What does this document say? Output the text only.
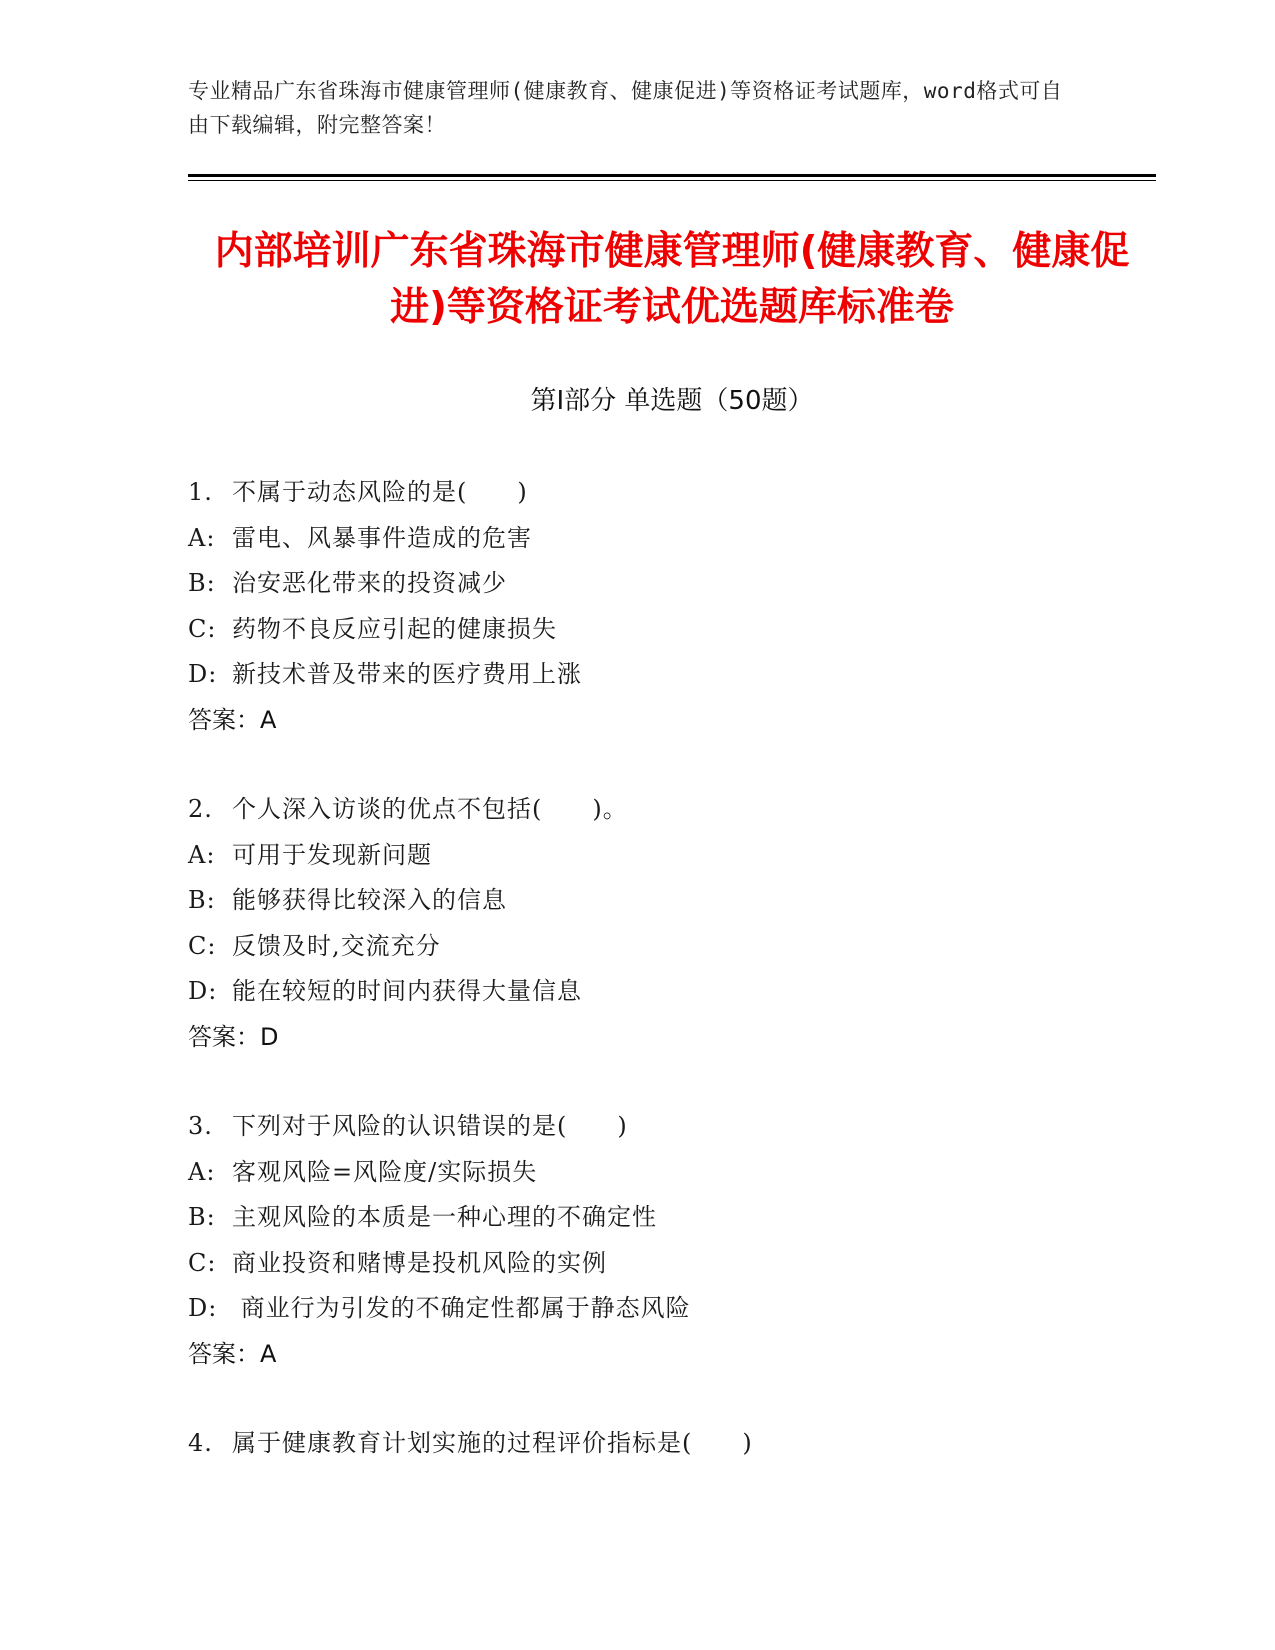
专业精品广东省珠海市健康管理师(健康教育、健康促进)等资格证考试题库，word格式可自由下载编辑，附完整答案！
内部培训广东省珠海市健康管理师(健康教育、健康促进)等资格证考试优选题库标准卷
第Ⅰ部分 单选题（50题）
1. 不属于动态风险的是(　　)
A: 雷电、风暴事件造成的危害
B: 治安恶化带来的投资减少
C: 药物不良反应引起的健康损失
D: 新技术普及带来的医疗费用上涨
答案：A
2. 个人深入访谈的优点不包括(　　)。
A: 可用于发现新问题
B: 能够获得比较深入的信息
C: 反馈及时,交流充分
D: 能在较短的时间内获得大量信息
答案：D
3. 下列对于风险的认识错误的是(　　)
A: 客观风险=风险度/实际损失
B: 主观风险的本质是一种心理的不确定性
C: 商业投资和赌博是投机风险的实例
D: 商业行为引发的不确定性都属于静态风险
答案：A
4. 属于健康教育计划实施的过程评价指标是(　　)
